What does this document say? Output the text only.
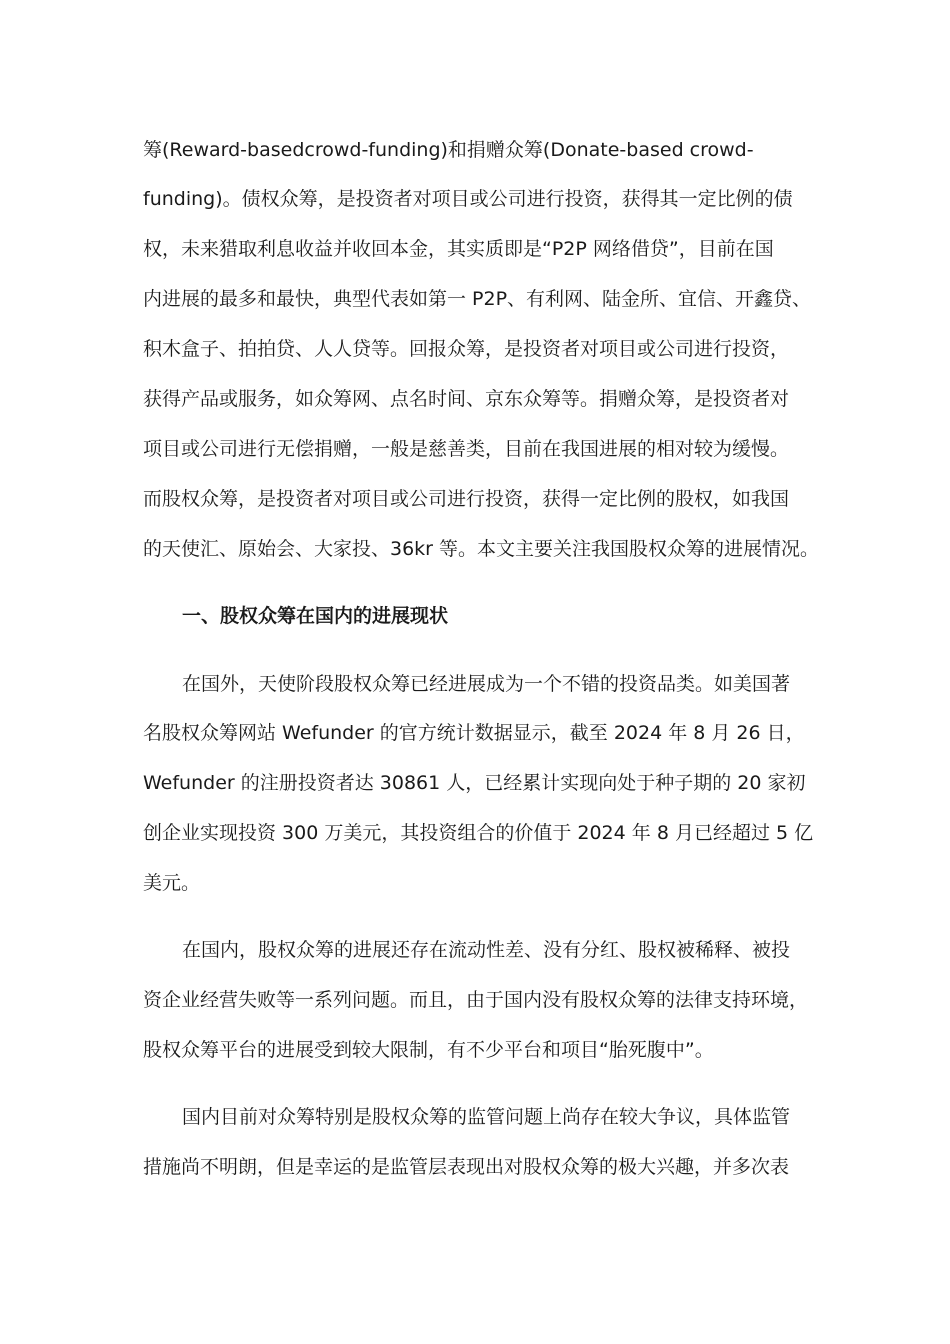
筹(Reward-basedcrowd-funding)和捐赠众筹(Donate-based crowd-
funding)。债权众筹，是投资者对项目或公司进行投资，获得其一定比例的债
权，未来猎取利息收益并收回本金，其实质即是“P2P 网络借贷”，目前在国
内进展的最多和最快，典型代表如第一 P2P、有利网、陆金所、宜信、开鑫贷、
积木盒子、拍拍贷、人人贷等。回报众筹，是投资者对项目或公司进行投资，
获得产品或服务，如众筹网、点名时间、京东众筹等。捐赠众筹，是投资者对
项目或公司进行无偿捐赠，一般是慈善类，目前在我国进展的相对较为缓慢。
而股权众筹，是投资者对项目或公司进行投资，获得一定比例的股权，如我国
的天使汇、原始会、大家投、36kr 等。本文主要关注我国股权众筹的进展情况。
一、股权众筹在国内的进展现状
在国外，天使阶段股权众筹已经进展成为一个不错的投资品类。如美国著
名股权众筹网站 Wefunder 的官方统计数据显示，截至 2024 年 8 月 26 日，
Wefunder 的注册投资者达 30861 人，已经累计实现向处于种子期的 20 家初
创企业实现投资 300 万美元，其投资组合的价值于 2024 年 8 月已经超过 5 亿
美元。
在国内，股权众筹的进展还存在流动性差、没有分红、股权被稀释、被投
资企业经营失败等一系列问题。而且，由于国内没有股权众筹的法律支持环境，
股权众筹平台的进展受到较大限制，有不少平台和项目“胎死腹中”。
国内目前对众筹特别是股权众筹的监管问题上尚存在较大争议，具体监管
措施尚不明朗，但是幸运的是监管层表现出对股权众筹的极大兴趣，并多次表
